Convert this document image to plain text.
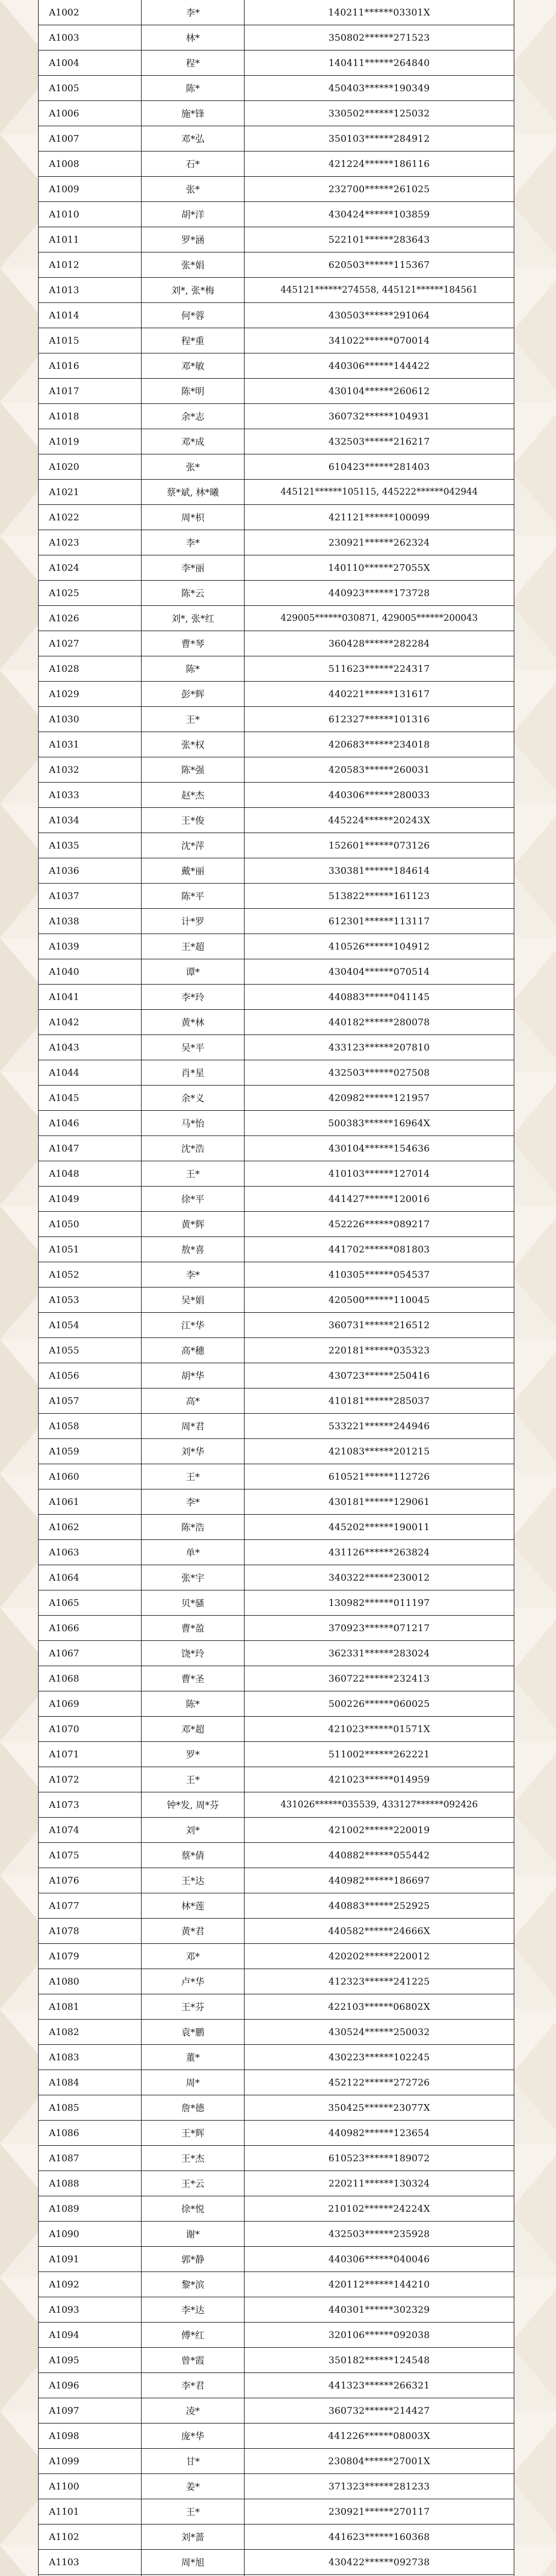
A1002	李*	140211******03301X
A1003	林*	350802******271523
A1004	程*	140411******264840
A1005	陈*	450403******190349
A1006	施*锋	330502******125032
A1007	邓*弘	350103******284912
A1008	石*	421224******186116
A1009	张*	232700******261025
A1010	胡*洋	430424******103859
A1011	罗*涵	522101******283643
A1012	张*娟	620503******115367
A1013	刘*, 张*梅	445121******274558, 445121******184561
A1014	何*蓉	430503******291064
A1015	程*重	341022******070014
A1016	邓*敏	440306******144422
A1017	陈*明	430104******260612
A1018	余*志	360732******104931
A1019	邓*成	432503******216217
A1020	张*	610423******281403
A1021	蔡*斌, 林*曦	445121******105115, 445222******042944
A1022	周*枳	421121******100099
A1023	李*	230921******262324
A1024	李*丽	140110******27055X
A1025	陈*云	440923******173728
A1026	刘*, 张*红	429005******030871, 429005******200043
A1027	曹*琴	360428******282284
A1028	陈*	511623******224317
A1029	彭*辉	440221******131617
A1030	王*	612327******101316
A1031	张*权	420683******234018
A1032	陈*强	420583******260031
A1033	赵*杰	440306******280033
A1034	王*俊	445224******20243X
A1035	沈*萍	152601******073126
A1036	戴*丽	330381******184614
A1037	陈*平	513822******161123
A1038	计*罗	612301******113117
A1039	王*超	410526******104912
A1040	谭*	430404******070514
A1041	李*玲	440883******041145
A1042	黄*林	440182******280078
A1043	吴*平	433123******207810
A1044	肖*星	432503******027508
A1045	余*义	420982******121957
A1046	马*怡	500383******16964X
A1047	沈*浩	430104******154636
A1048	王*	410103******127014
A1049	徐*平	441427******120016
A1050	黄*辉	452226******089217
A1051	敖*喜	441702******081803
A1052	李*	410305******054537
A1053	吴*娟	420500******110045
A1054	江*华	360731******216512
A1055	高*穗	220181******035323
A1056	胡*华	430723******250416
A1057	高*	410181******285037
A1058	周*君	533221******244946
A1059	刘*华	421083******201215
A1060	王*	610521******112726
A1061	李*	430181******129061
A1062	陈*浩	445202******190011
A1063	单*	431126******263824
A1064	张*宇	340322******230012
A1065	贝*骚	130982******011197
A1066	曹*盈	370923******071217
A1067	饶*玲	362331******283024
A1068	曹*圣	360722******232413
A1069	陈*	500226******060025
A1070	邓*超	421023******01571X
A1071	罗*	511002******262221
A1072	王*	421023******014959
A1073	钟*发, 周*芬	431026******035539, 433127******092426
A1074	刘*	421002******220019
A1075	蔡*倩	440882******055442
A1076	王*达	440982******186697
A1077	林*莲	440883******252925
A1078	黄*君	440582******24666X
A1079	邓*	420202******220012
A1080	卢*华	412323******241225
A1081	王*芬	422103******06802X
A1082	袁*鹏	430524******250032
A1083	董*	430223******102245
A1084	周*	452122******272726
A1085	詹*德	350425******23077X
A1086	王*辉	440982******123654
A1087	王*杰	610523******189072
A1088	王*云	220211******130324
A1089	徐*悦	210102******24224X
A1090	谢*	432503******235928
A1091	郭*静	440306******040046
A1092	黎*滨	420112******144210
A1093	李*达	440301******302329
A1094	傅*红	320106******092038
A1095	曾*霞	350182******124548
A1096	李*君	441323******266321
A1097	凌*	360732******214427
A1098	庞*华	441226******08003X
A1099	甘*	230804******27001X
A1100	姜*	371323******281233
A1101	王*	230921******270117
A1102	刘*蔷	441623******160368
A1103	周*旭	430422******092738
